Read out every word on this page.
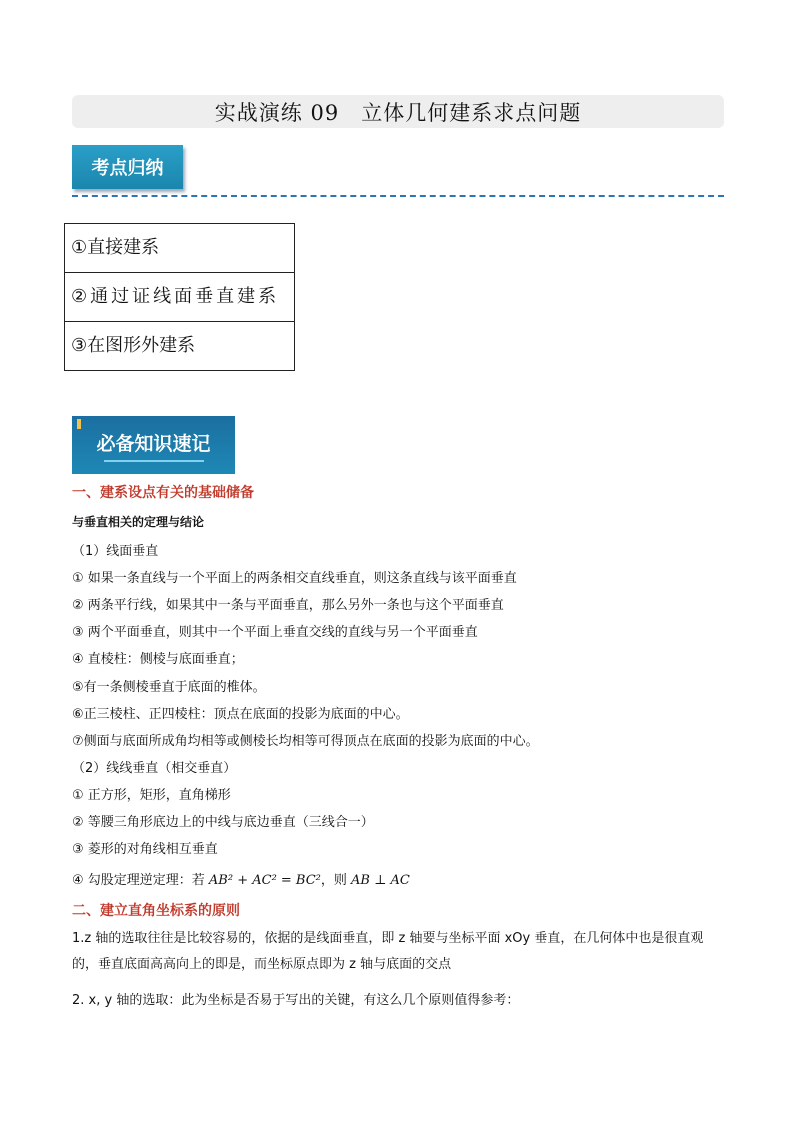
实战演练 09　立体几何建系求点问题
考点归纳
①直接建系
②通过证线面垂直建系
③在图形外建系
必备知识速记
一、建系设点有关的基础储备
与垂直相关的定理与结论
（1）线面垂直
① 如果一条直线与一个平面上的两条相交直线垂直，则这条直线与该平面垂直
② 两条平行线，如果其中一条与平面垂直，那么另外一条也与这个平面垂直
③ 两个平面垂直，则其中一个平面上垂直交线的直线与另一个平面垂直
④ 直棱柱：侧棱与底面垂直；
⑤有一条侧棱垂直于底面的椎体。
⑥正三棱柱、正四棱柱：顶点在底面的投影为底面的中心。
⑦侧面与底面所成角均相等或侧棱长均相等可得顶点在底面的投影为底面的中心。
（2）线线垂直（相交垂直）
① 正方形，矩形，直角梯形
② 等腰三角形底边上的中线与底边垂直（三线合一）
③ 菱形的对角线相互垂直
④ 勾股定理逆定理：若 AB² + AC² = BC²，则 AB ⊥ AC
二、建立直角坐标系的原则
1.z 轴的选取往往是比较容易的，依据的是线面垂直，即 z 轴要与坐标平面 xOy 垂直，在几何体中也是很直观的，垂直底面高高向上的即是，而坐标原点即为 z 轴与底面的交点
2. x, y 轴的选取：此为坐标是否易于写出的关键，有这么几个原则值得参考：
